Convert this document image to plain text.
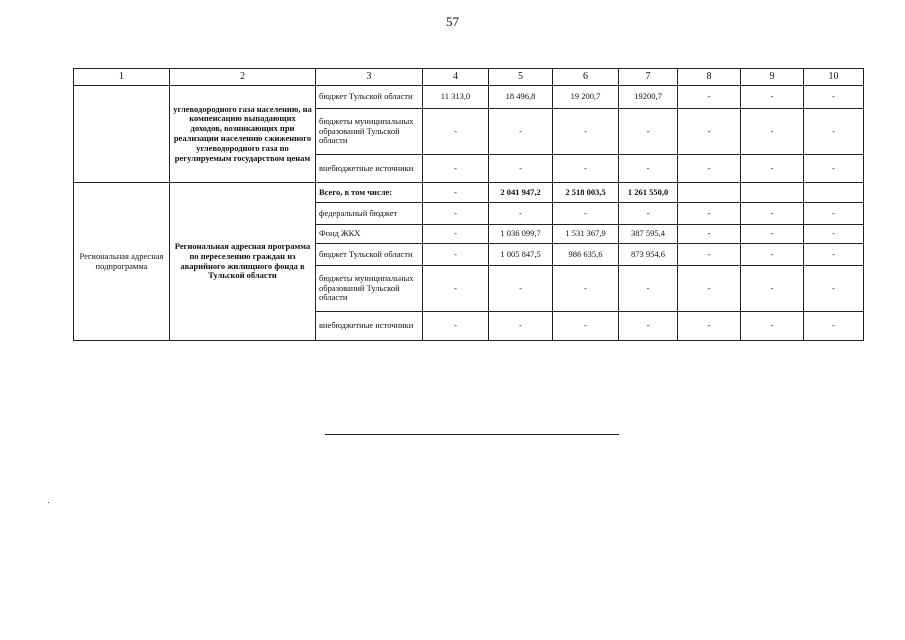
57
1	2	3	4	5	6	7	8	9	10
	углеводородного газа населению, на компенсацию выпадающих доходов, возникающих при реализации населению сжиженного углеводородного газа по регулируемым государством ценам	бюджет Тульской области	11 313,0	18 496,8	19 200,7	19200,7	-	-	-
		бюджеты муниципальных образований Тульской области	-	-	-	-	-	-	-
		внебюджетные источники	-	-	-	-	-	-	-
Региональная адресная подпрограмма	Региональная адресная программа по переселению граждан из аварийного жилищного фонда в Тульской области	Всего, в том числе:	-	2 041 947,2	2 518 003,5	1 261 550,0			
		федеральный бюджет	-	-	-	-	-	-	-
		Фонд ЖКХ	-	1 036 099,7	1 531 367,9	387 595,4	-	-	-
		бюджет Тульской области	-	1 005 847,5	986 635,6	873 954,6	-	-	-
		бюджеты муниципальных образований Тульской области	-	-	-	-	-	-	-
		внебюджетные источники	-	-	-	-	-	-	-
